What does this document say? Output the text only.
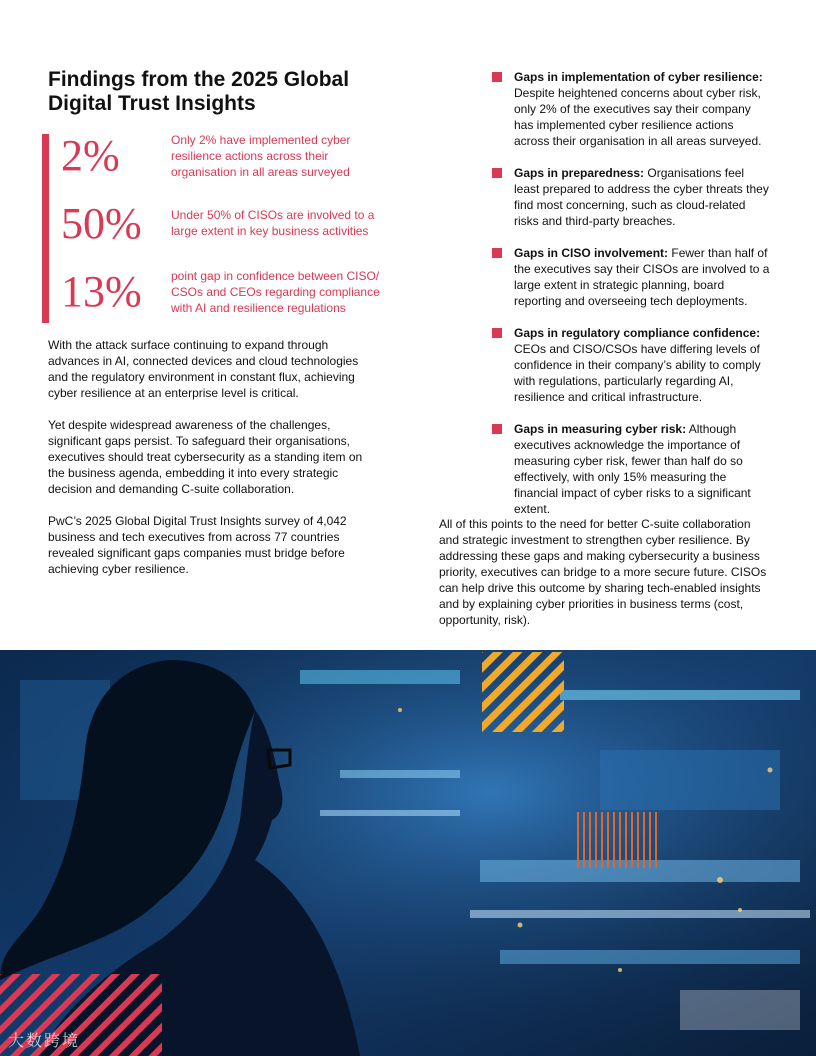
Findings from the 2025 Global Digital Trust Insights
2%	Only 2% have implemented cyber resilience actions across their organisation in all areas surveyed
50% Under 50% of CISOs are involved to a large extent in key business activities
13% point gap in confidence between CISO/ CSOs and CEOs regarding compliance with AI and resilience regulations

With the attack surface continuing to expand through advances in AI, connected devices and cloud technologies and the regulatory environment in constant flux, achieving cyber resilience at an enterprise level is critical.

Yet despite widespread awareness of the challenges, significant gaps persist. To safeguard their organisations, executives should treat cybersecurity as a standing item on the business agenda, embedding it into every strategic decision and demanding C-suite collaboration.

PwC’s 2025 Global Digital Trust Insights survey of 4,042 business and tech executives from across 77 countries revealed significant gaps companies must bridge before achieving cyber resilience.

Gaps in implementation of cyber resilience: Despite heightened concerns about cyber risk, only 2% of the executives say their company has implemented cyber resilience actions across their organisation in all areas surveyed.
Gaps in preparedness: Organisations feel least prepared to address the cyber threats they find most concerning, such as cloud-related risks and third-party breaches.
Gaps in CISO involvement: Fewer than half of the executives say their CISOs are involved to a large extent in strategic planning, board reporting and overseeing tech deployments.
Gaps in regulatory compliance confidence: CEOs and CISO/CSOs have differing levels of confidence in their company’s ability to comply with regulations, particularly regarding AI, resilience and critical infrastructure.
Gaps in measuring cyber risk: Although executives acknowledge the importance of measuring cyber risk, fewer than half do so effectively, with only 15% measuring the financial impact of cyber risks to a significant extent.

All of this points to the need for better C-suite collaboration and strategic investment to strengthen cyber resilience. By addressing these gaps and making cybersecurity a business priority, executives can bridge to a more secure future. CISOs can help drive this outcome by sharing tech-enabled insights and by explaining cyber priorities in business terms (cost, opportunity, risk).

大数跨境
